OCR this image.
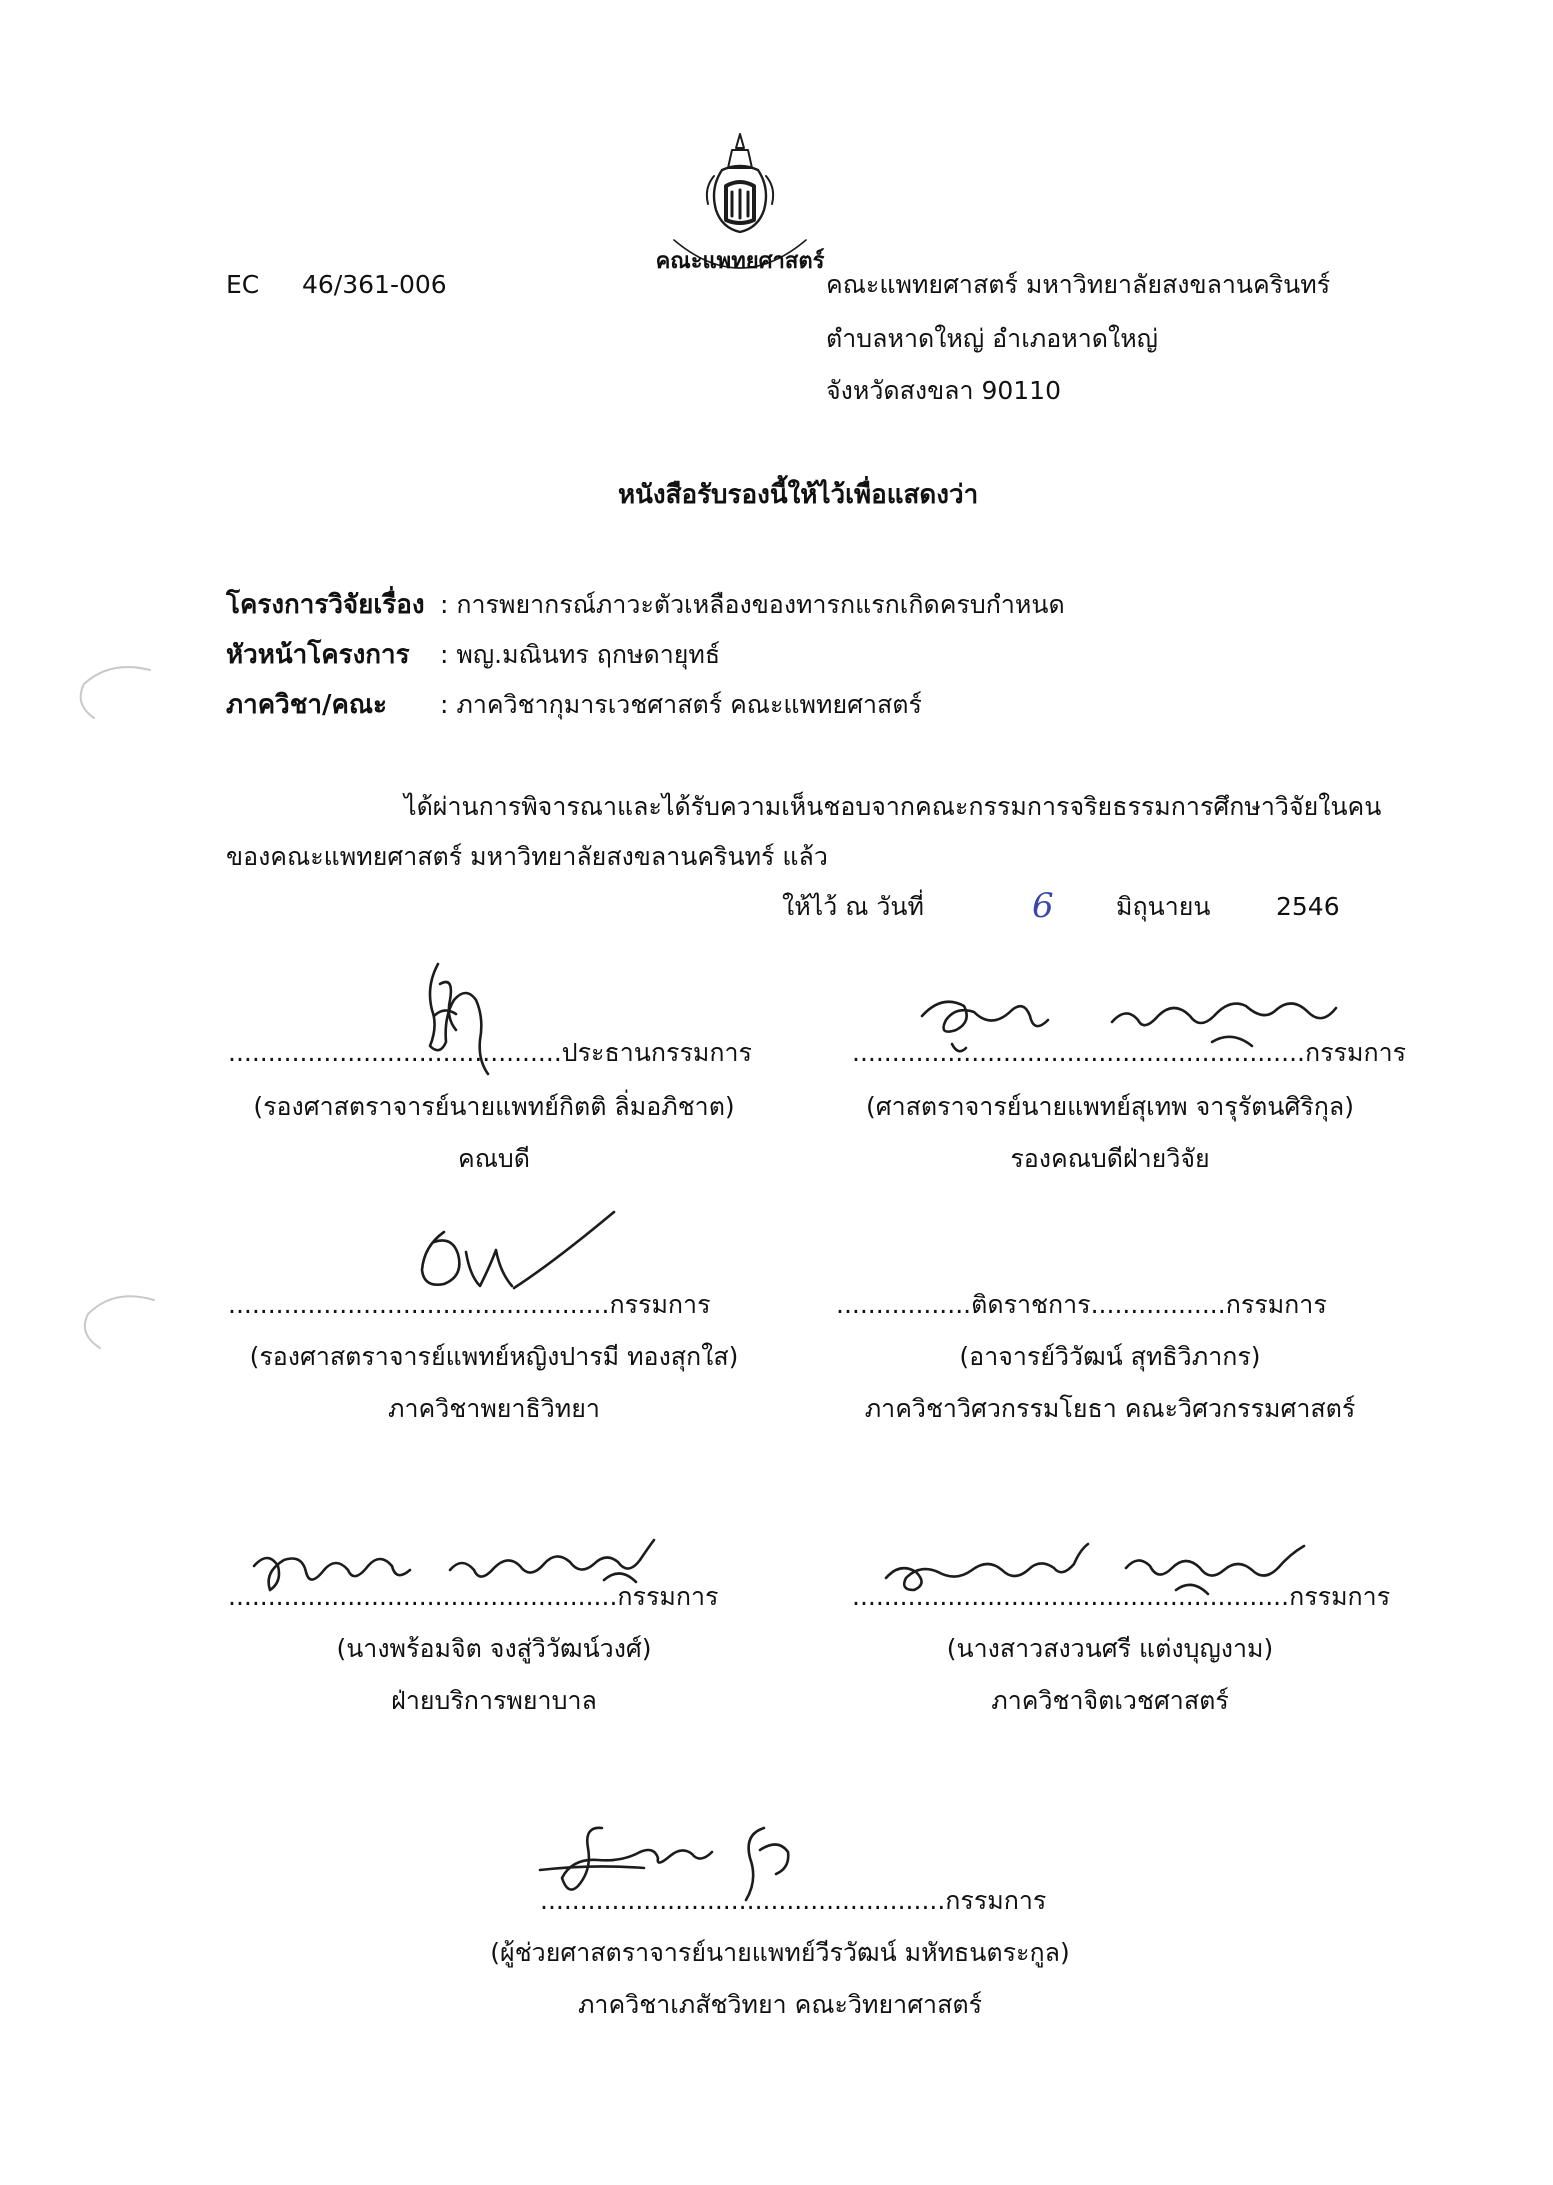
คณะแพทยศาสตร์
EC 46/361-006	คณะแพทยศาสตร์ มหาวิทยาลัยสงขลานครินทร์
ตำบลหาดใหญ่ อำเภอหาดใหญ่
จังหวัดสงขลา 90110
หนังสือรับรองนี้ให้ไว้เพื่อแสดงว่า
โครงการวิจัยเรื่อง : การพยากรณ์ภาวะตัวเหลืองของทารกแรกเกิดครบกำหนด
หัวหน้าโครงการ : พญ.มณินทร ฤกษดายุทธ์
ภาควิชา/คณะ : ภาควิชากุมารเวชศาสตร์ คณะแพทยศาสตร์
ได้ผ่านการพิจารณาและได้รับความเห็นชอบจากคณะกรรมการจริยธรรมการศึกษาวิจัยในคน
ของคณะแพทยศาสตร์ มหาวิทยาลัยสงขลานครินทร์ แล้ว
ให้ไว้ ณ วันที่	6 มิถุนายน	2546
..........................................ประธานกรรมการ
(รองศาสตราจารย์นายแพทย์กิตติ ลิ่มอภิชาต)
คณบดี
.........................................................กรรมการ
(ศาสตราจารย์นายแพทย์สุเทพ จารุรัตนศิริกุล)
รองคณบดีฝ่ายวิจัย
................................................กรรมการ
(รองศาสตราจารย์แพทย์หญิงปารมี ทองสุกใส)
ภาควิชาพยาธิวิทยา
.................ติดราชการ.................กรรมการ
(อาจารย์วิวัฒน์ สุทธิวิภากร)
ภาควิชาวิศวกรรมโยธา คณะวิศวกรรมศาสตร์
.................................................กรรมการ
(นางพร้อมจิต จงสู่วิวัฒน์วงศ์)
ฝ่ายบริการพยาบาล
.......................................................กรรมการ
(นางสาวสงวนศรี แต่งบุญงาม)
ภาควิชาจิตเวชศาสตร์
...................................................กรรมการ
(ผู้ช่วยศาสตราจารย์นายแพทย์วีรวัฒน์ มหัทธนตระกูล)
ภาควิชาเภสัชวิทยา คณะวิทยาศาสตร์
